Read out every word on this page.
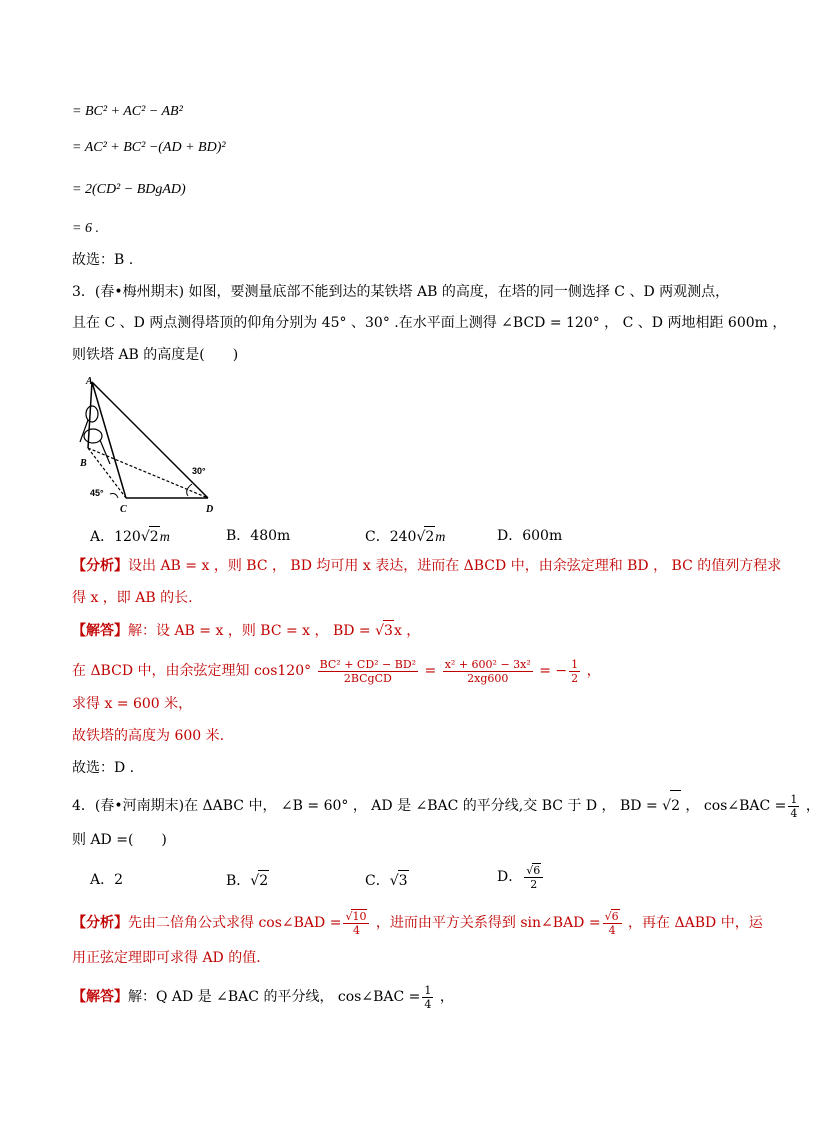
= BC² + AC² − AB²
= AC² + BC² −(AD + BD)²
= 2(CD² − BDgAD)
= 6 .
故选：B .
3．(春•梅州期末) 如图，要测量底部不能到达的某铁塔 AB 的高度，在塔的同一侧选择 C 、D 两观测点，
且在 C 、D 两点测得塔顶的仰角分别为 45° 、30° .在水平面上测得 ∠BCD = 120° ， C 、D 两地相距 600m ，
则铁塔 AB 的高度是(　　)
A
B
C	D
45°
30°
A．120√2m	B．480m	C．240√2m	D．600m
【分析】设出 AB = x ，则 BC ， BD 均可用 x 表达，进而在 ΔBCD 中，由余弦定理和 BD ， BC 的值列方程求
得 x ，即 AB 的长.
【解答】解：设 AB = x ，则 BC = x ， BD = √3x ，
在 ΔBCD 中，由余弦定理知 $\cos 120^\circ \frac{\text{BC² + CD² − BD²}}{\text{2BCgCD}} = \frac{\text{x² + 600² − 3x²}}{2xg600}$ = − $\frac{1}{2}$ ，
求得 x = 600 米，
故铁塔的高度为 600 米.
故选：D .
4．(春•河南期末)在 ΔABC 中， ∠B = 60° ， AD 是 ∠BAC 的平分线,交 BC 于 D ， BD = √2 ， cos∠BAC = $\frac{1}{4}$ ，
则 AD =(　　)
A．2	B．√2	C．√3	D． $\frac{√6}{2}$
【分析】先由二倍角公式求得 cos∠BAD = $\frac{√10}{4}$ ，进而由平方关系得到 sin∠BAD = $\frac{√6}{4}$ ，再在 ΔABD 中，运
用正弦定理即可求得 AD 的值.
【解答】解：Q AD 是 ∠BAC 的平分线， cos∠BAC = $\frac{1}{4}$ ，
